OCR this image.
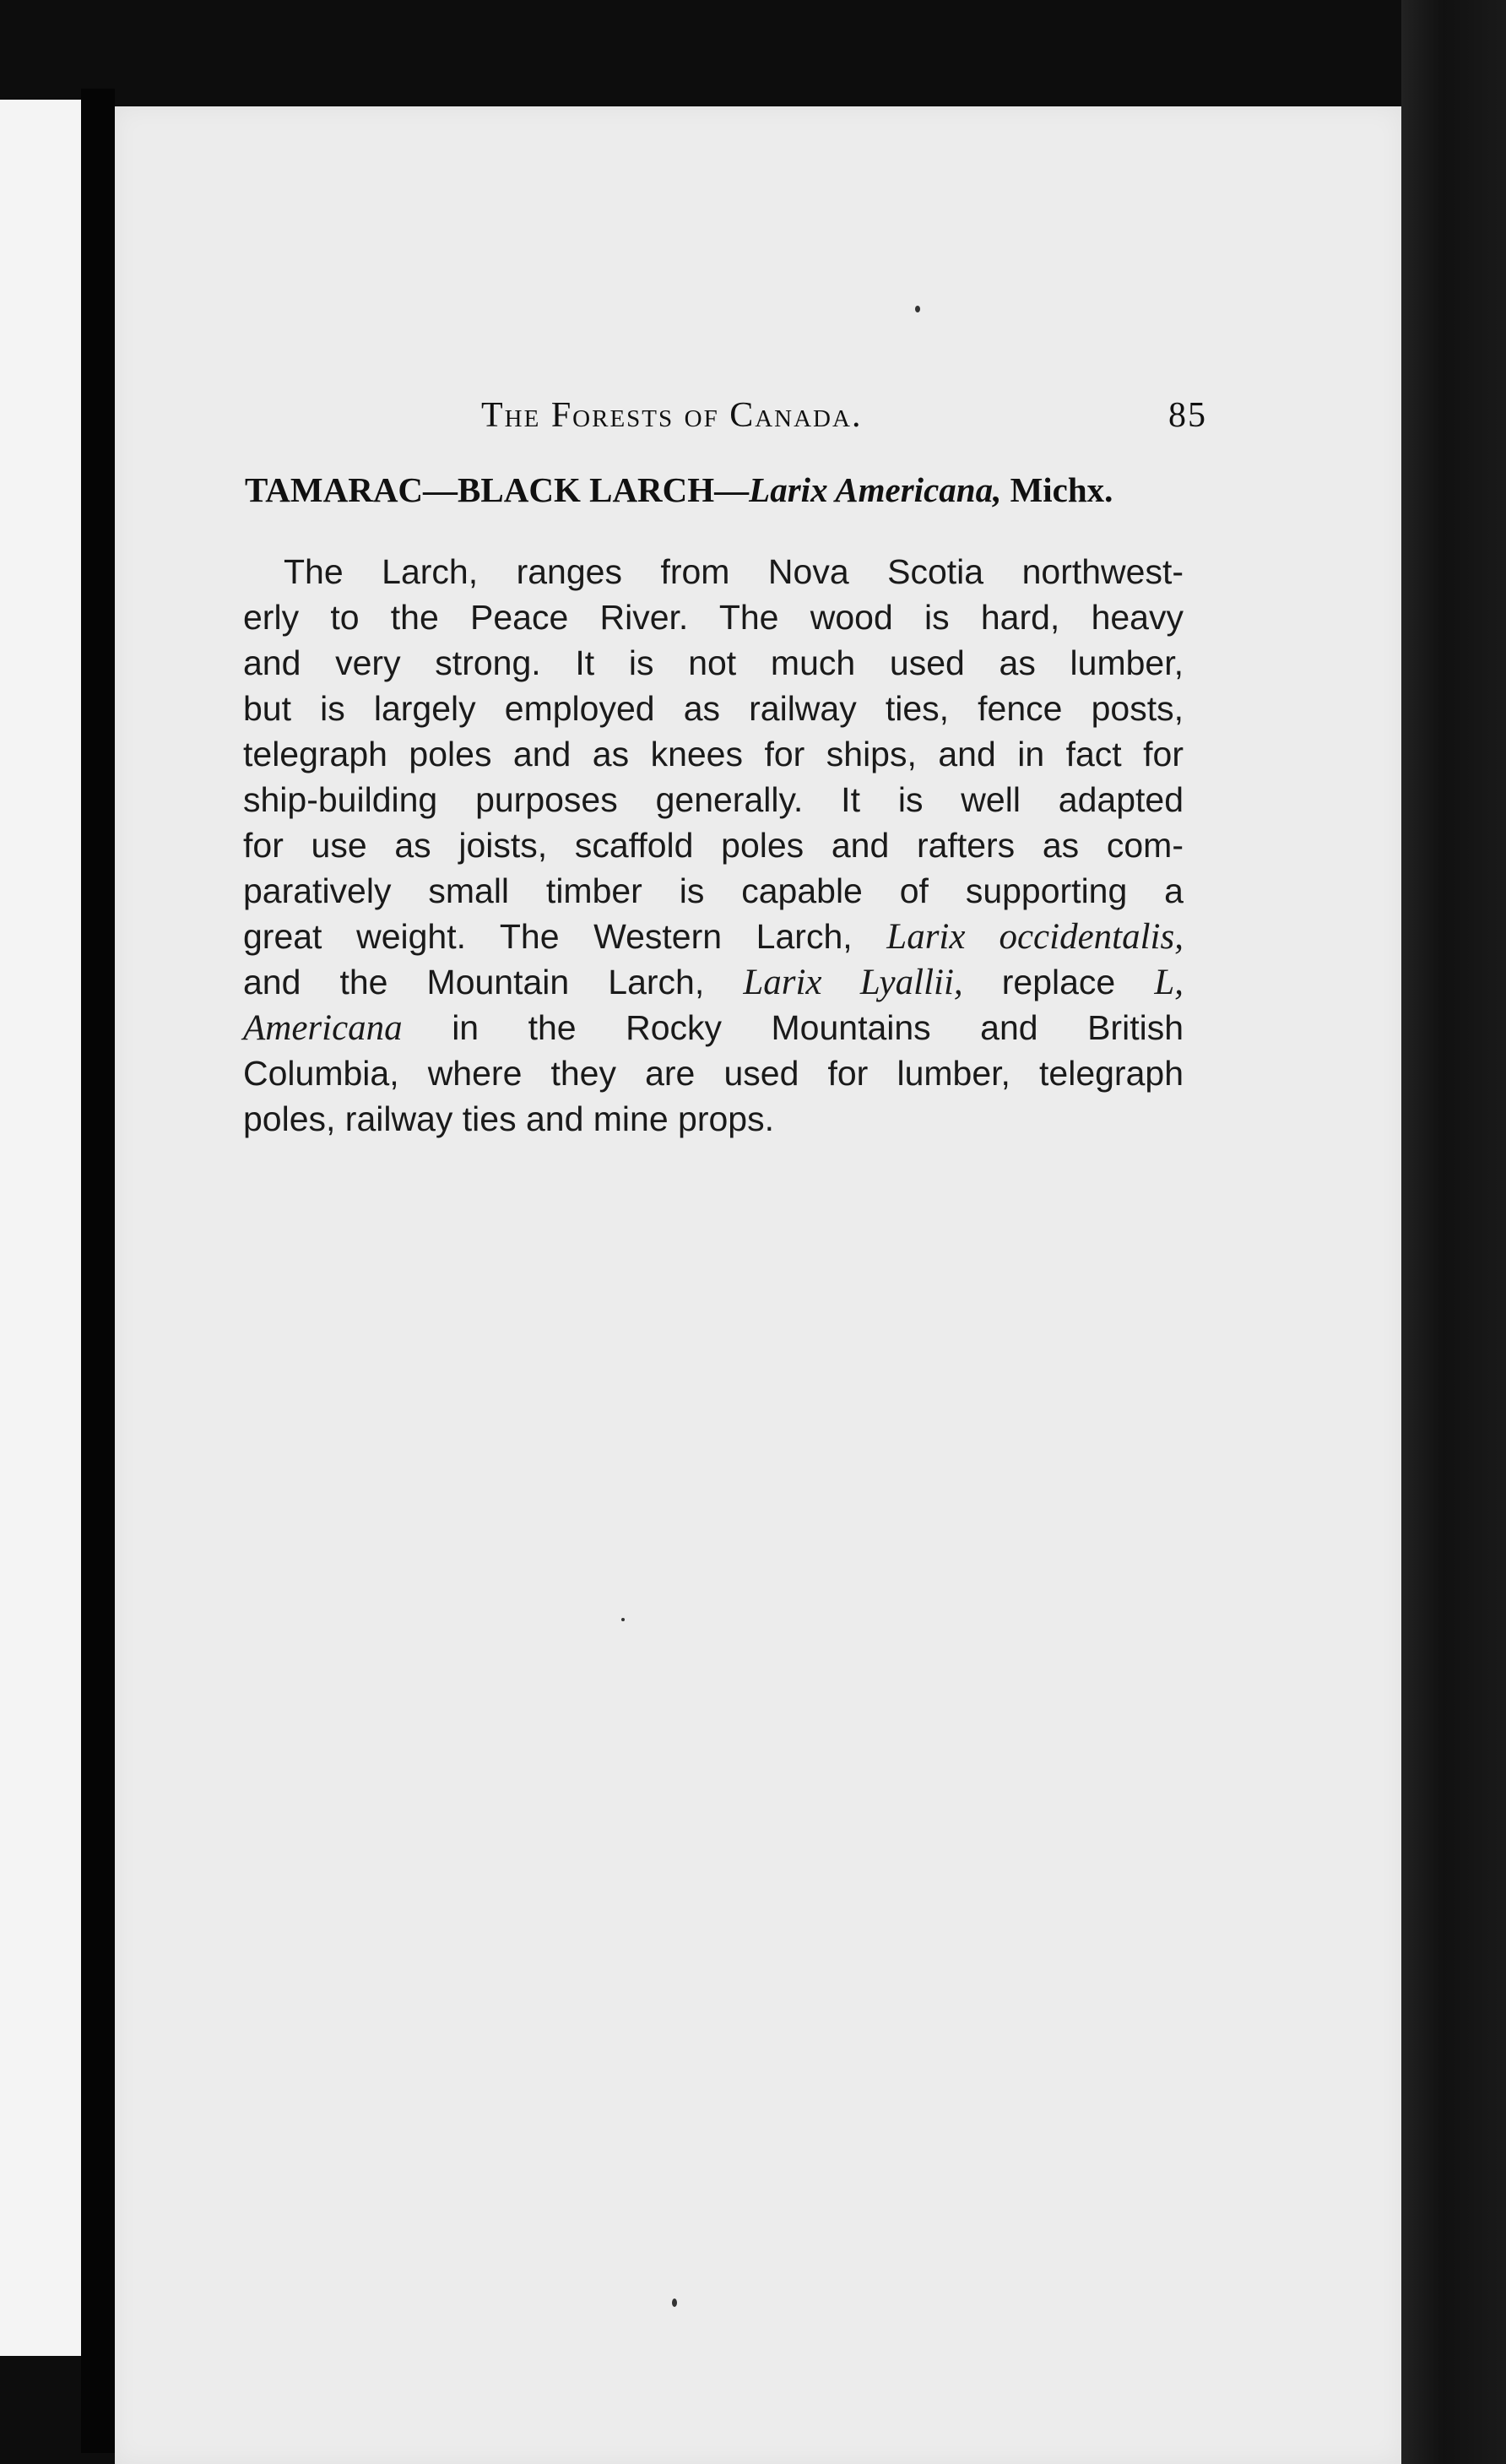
The Forests of Canada.	85
TAMARAC—BLACK LARCH—Larix Americana, Michx.
The Larch, ranges from Nova Scotia northwest-
erly to the Peace River. The wood is hard, heavy
and very strong. It is not much used as lumber,
but is largely employed as railway ties, fence posts,
telegraph poles and as knees for ships, and in fact for
ship-building purposes generally. It is well adapted
for use as joists, scaffold poles and rafters as com-
paratively small timber is capable of supporting a
great weight. The Western Larch, Larix occidentalis,
and the Mountain Larch, Larix Lyallii, replace L,
Americana in the Rocky Mountains and British
Columbia, where they are used for lumber, telegraph
poles, railway ties and mine props.
